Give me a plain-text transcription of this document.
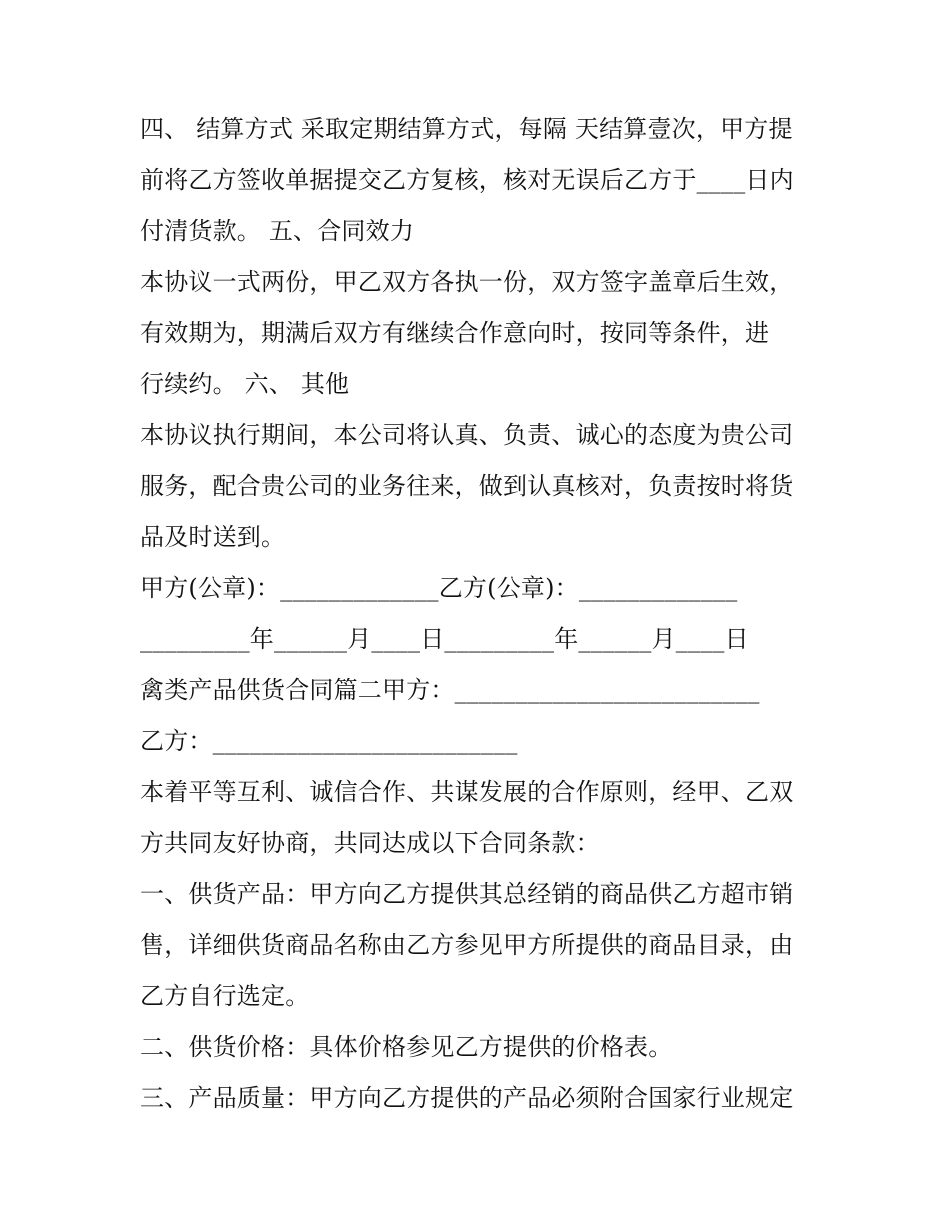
四、 结算方式 采取定期结算方式，每隔 天结算壹次，甲方提
前将乙方签收单据提交乙方复核，核对无误后乙方于____日内
付清货款。 五、合同效力
本协议一式两份，甲乙双方各执一份，双方签字盖章后生效，
有效期为，期满后双方有继续合作意向时，按同等条件，进
行续约。 六、 其他
本协议执行期间，本公司将认真、负责、诚心的态度为贵公司
服务，配合贵公司的业务往来，做到认真核对，负责按时将货
品及时送到。
甲方(公章)：_____________乙方(公章)：_____________
_________年______月____日_________年______月____日
禽类产品供货合同篇二甲方：_________________________
乙方：_________________________
本着平等互利、诚信合作、共谋发展的合作原则，经甲、乙双
方共同友好协商，共同达成以下合同条款：
一、供货产品：甲方向乙方提供其总经销的商品供乙方超市销
售，详细供货商品名称由乙方参见甲方所提供的商品目录，由
乙方自行选定。
二、供货价格：具体价格参见乙方提供的价格表。
三、产品质量：甲方向乙方提供的产品必须附合国家行业规定
